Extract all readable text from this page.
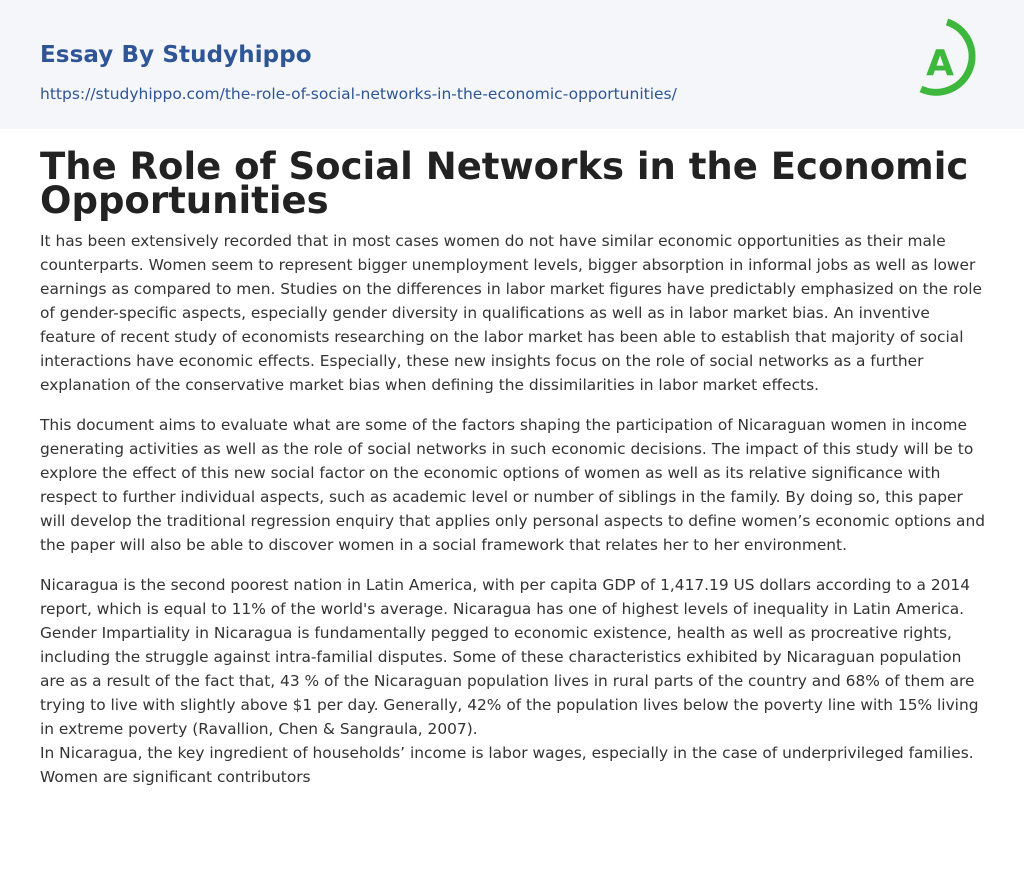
Essay By Studyhippo
https://studyhippo.com/the-role-of-social-networks-in-the-economic-opportunities/
A
The Role of Social Networks in the Economic Opportunities

It has been extensively recorded that in most cases women do not have similar economic opportunities as their male counterparts. Women seem to represent bigger unemployment levels, bigger absorption in informal jobs as well as lower earnings as compared to men. Studies on the differences in labor market figures have predictably emphasized on the role of gender-specific aspects, especially gender diversity in qualifications as well as in labor market bias. An inventive feature of recent study of economists researching on the labor market has been able to establish that majority of social interactions have economic effects. Especially, these new insights focus on the role of social networks as a further explanation of the conservative market bias when defining the dissimilarities in labor market effects.

This document aims to evaluate what are some of the factors shaping the participation of Nicaraguan women in income generating activities as well as the role of social networks in such economic decisions. The impact of this study will be to explore the effect of this new social factor on the economic options of women as well as its relative significance with respect to further individual aspects, such as academic level or number of siblings in the family. By doing so, this paper will develop the traditional regression enquiry that applies only personal aspects to define women’s economic options and the paper will also be able to discover women in a social framework that relates her to her environment.

Nicaragua is the second poorest nation in Latin America, with per capita GDP of 1,417.19 US dollars according to a 2014 report, which is equal to 11% of the world's average. Nicaragua has one of highest levels of inequality in Latin America. Gender Impartiality in Nicaragua is fundamentally pegged to economic existence, health as well as procreative rights, including the struggle against intra-familial disputes. Some of these characteristics exhibited by Nicaraguan population are as a result of the fact that, 43 % of the Nicaraguan population lives in rural parts of the country and 68% of them are trying to live with slightly above $1 per day. Generally, 42% of the population lives below the poverty line with 15% living in extreme poverty (Ravallion, Chen & Sangraula, 2007).

In Nicaragua, the key ingredient of households’ income is labor wages, especially in the case of underprivileged families. Women are significant contributors
